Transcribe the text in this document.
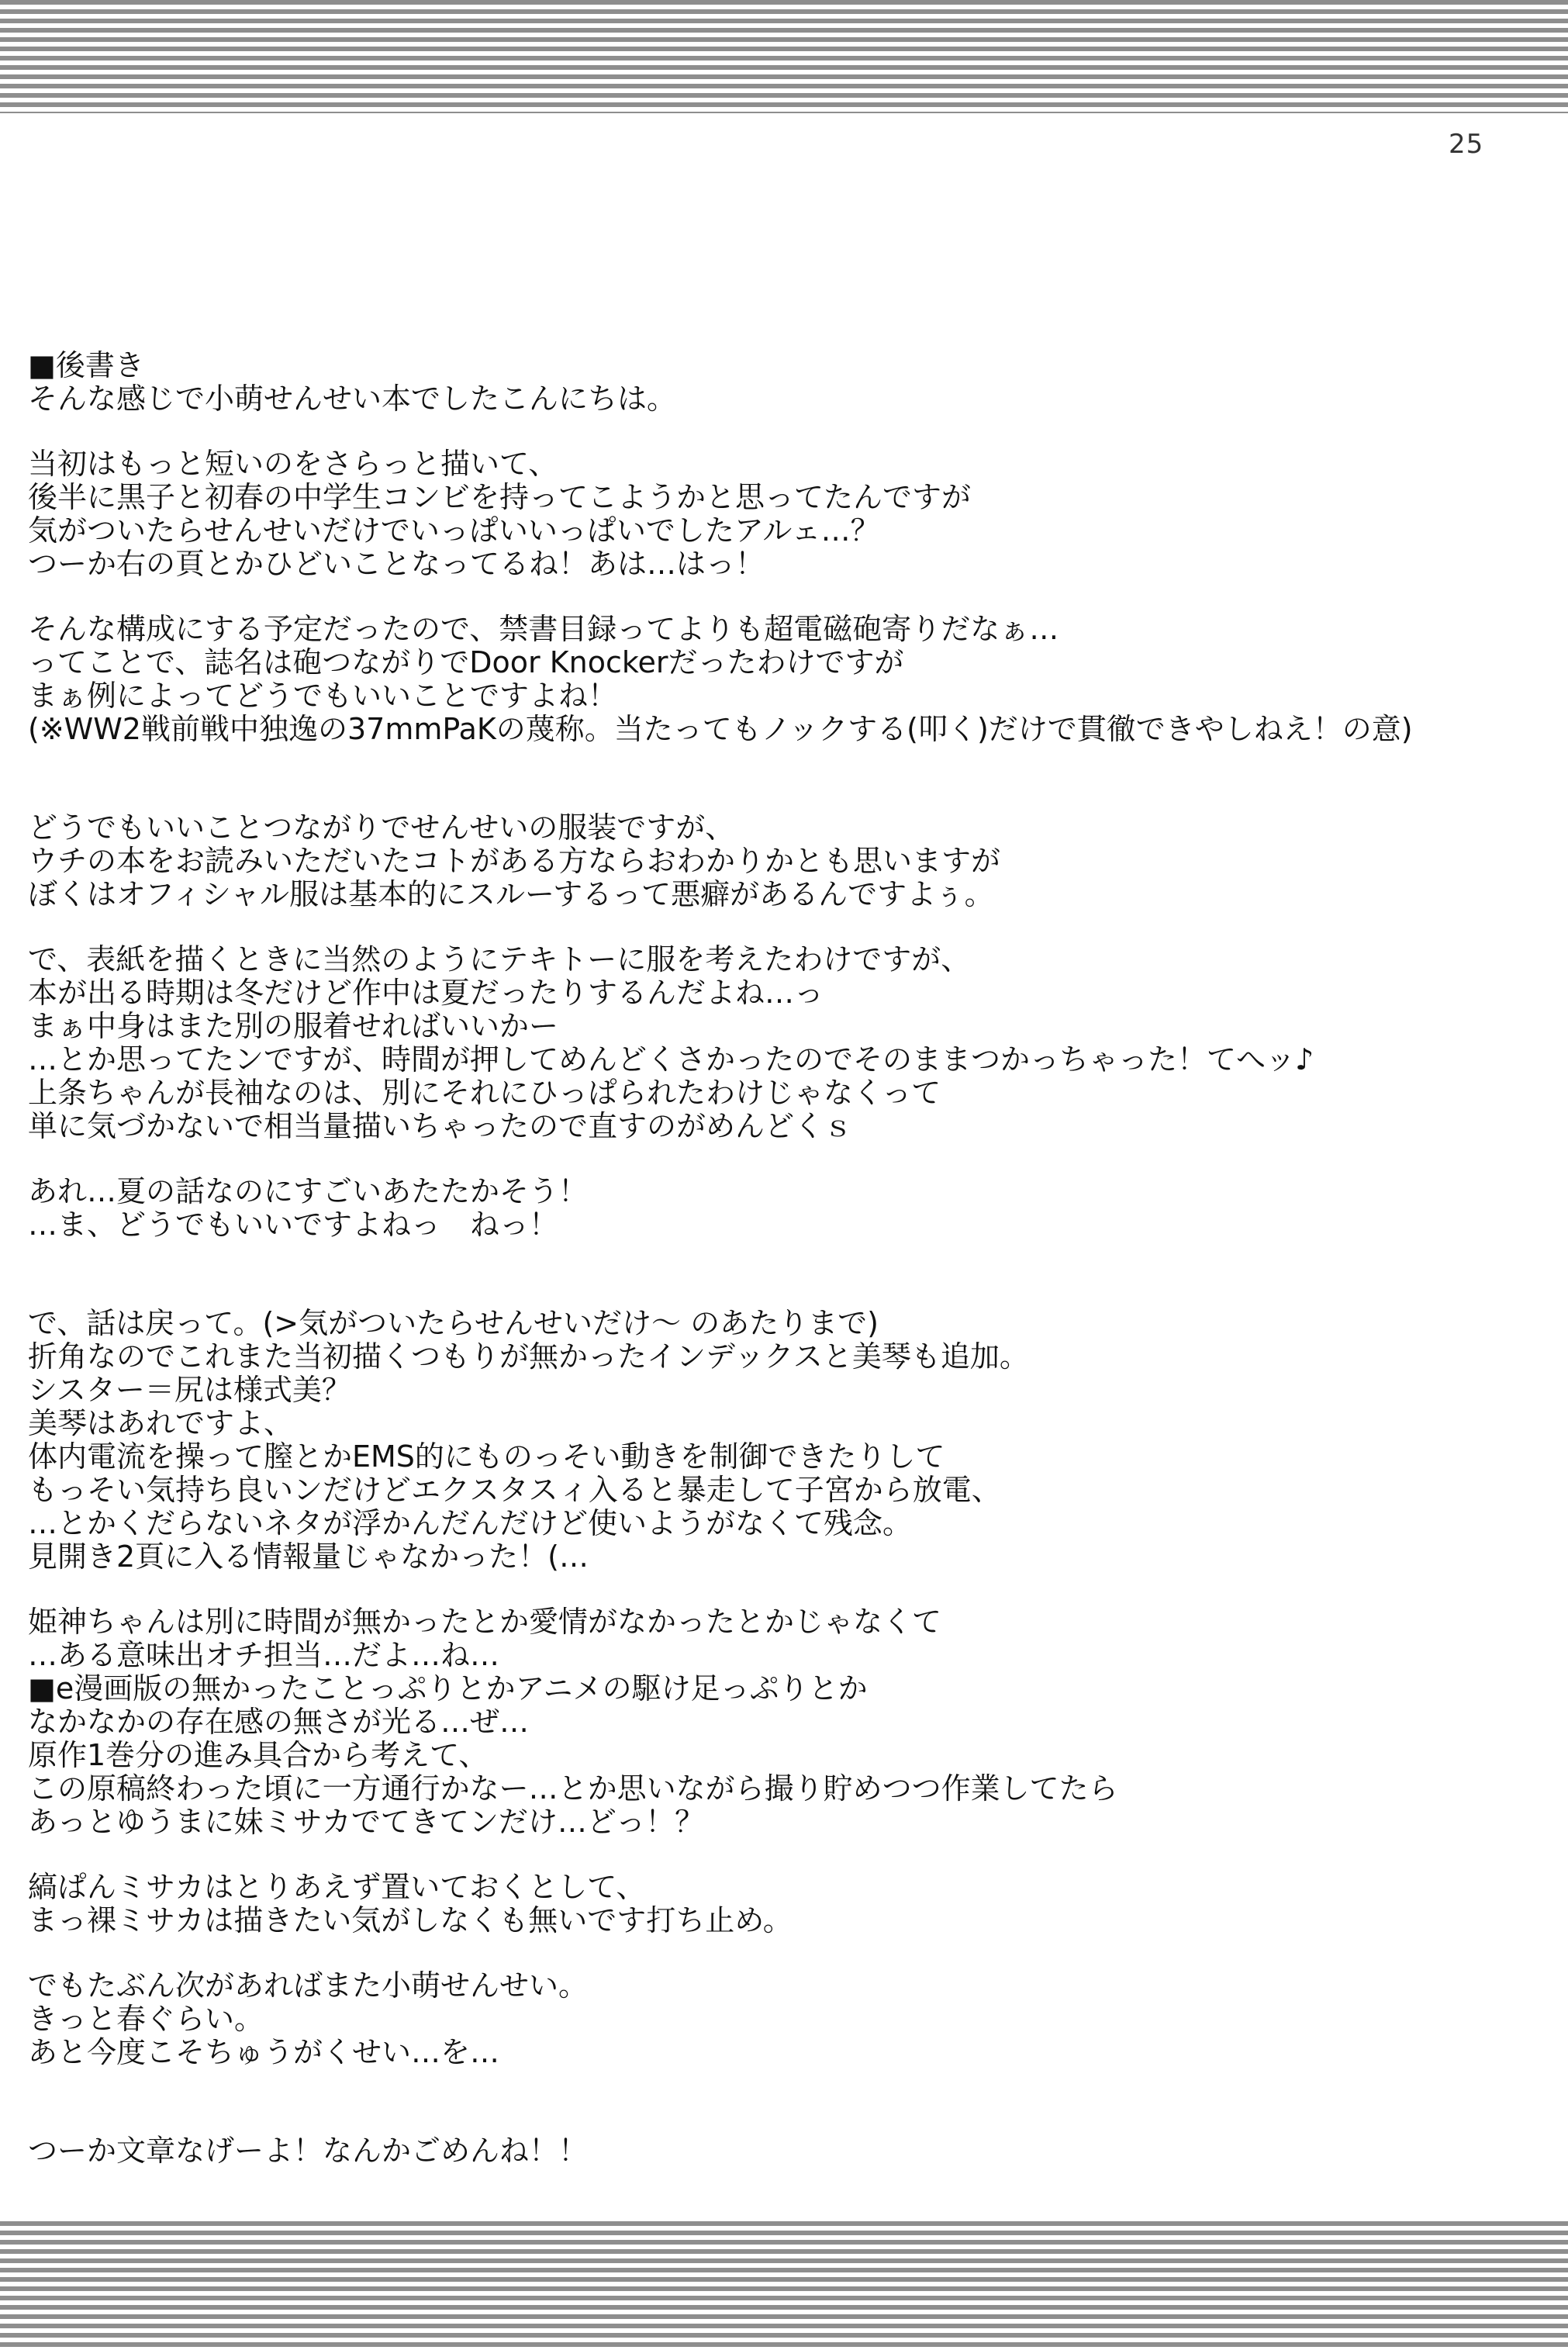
25
■後書き
そんな感じで小萌せんせい本でしたこんにちは。
当初はもっと短いのをさらっと描いて、
後半に黒子と初春の中学生コンビを持ってこようかと思ってたんですが
気がついたらせんせいだけでいっぱいいっぱいでしたアルェ…？
つーか右の頁とかひどいことなってるね！あは…はっ！
そんな構成にする予定だったので、禁書目録ってよりも超電磁砲寄りだなぁ…
ってことで、誌名は砲つながりでDoor Knockerだったわけですが
まぁ例によってどうでもいいことですよね！
(※WW2戦前戦中独逸の37mmPaKの蔑称。当たってもノックする(叩く)だけで貫徹できやしねえ！の意)
どうでもいいことつながりでせんせいの服装ですが、
ウチの本をお読みいただいたコトがある方ならおわかりかとも思いますが
ぼくはオフィシャル服は基本的にスルーするって悪癖があるんですよぅ。
で、表紙を描くときに当然のようにテキトーに服を考えたわけですが、
本が出る時期は冬だけど作中は夏だったりするんだよね…っ
まぁ中身はまた別の服着せればいいかー
…とか思ってたンですが、時間が押してめんどくさかったのでそのままつかっちゃった！てへッ♪
上条ちゃんが長袖なのは、別にそれにひっぱられたわけじゃなくって
単に気づかないで相当量描いちゃったので直すのがめんどくｓ
あれ…夏の話なのにすごいあたたかそう！
…ま、どうでもいいですよねっ　ねっ！
で、話は戻って。(>気がついたらせんせいだけ～ のあたりまで)
折角なのでこれまた当初描くつもりが無かったインデックスと美琴も追加。
シスター＝尻は様式美？
美琴はあれですよ、
体内電流を操って膣とかEMS的にものっそい動きを制御できたりして
もっそい気持ち良いンだけどエクスタスィ入ると暴走して子宮から放電、
…とかくだらないネタが浮かんだんだけど使いようがなくて残念。
見開き2頁に入る情報量じゃなかった！(…
姫神ちゃんは別に時間が無かったとか愛情がなかったとかじゃなくて
…ある意味出オチ担当…だよ…ね…
■e漫画版の無かったことっぷりとかアニメの駆け足っぷりとか
なかなかの存在感の無さが光る…ぜ…
原作1巻分の進み具合から考えて、
この原稿終わった頃に一方通行かなー…とか思いながら撮り貯めつつ作業してたら
あっとゆうまに妹ミサカでてきてンだけ…どっ！？
縞ぱんミサカはとりあえず置いておくとして、
まっ裸ミサカは描きたい気がしなくも無いです打ち止め。
でもたぶん次があればまた小萌せんせい。
きっと春ぐらい。
あと今度こそちゅうがくせい…を…
つーか文章なげーよ！なんかごめんね！！
